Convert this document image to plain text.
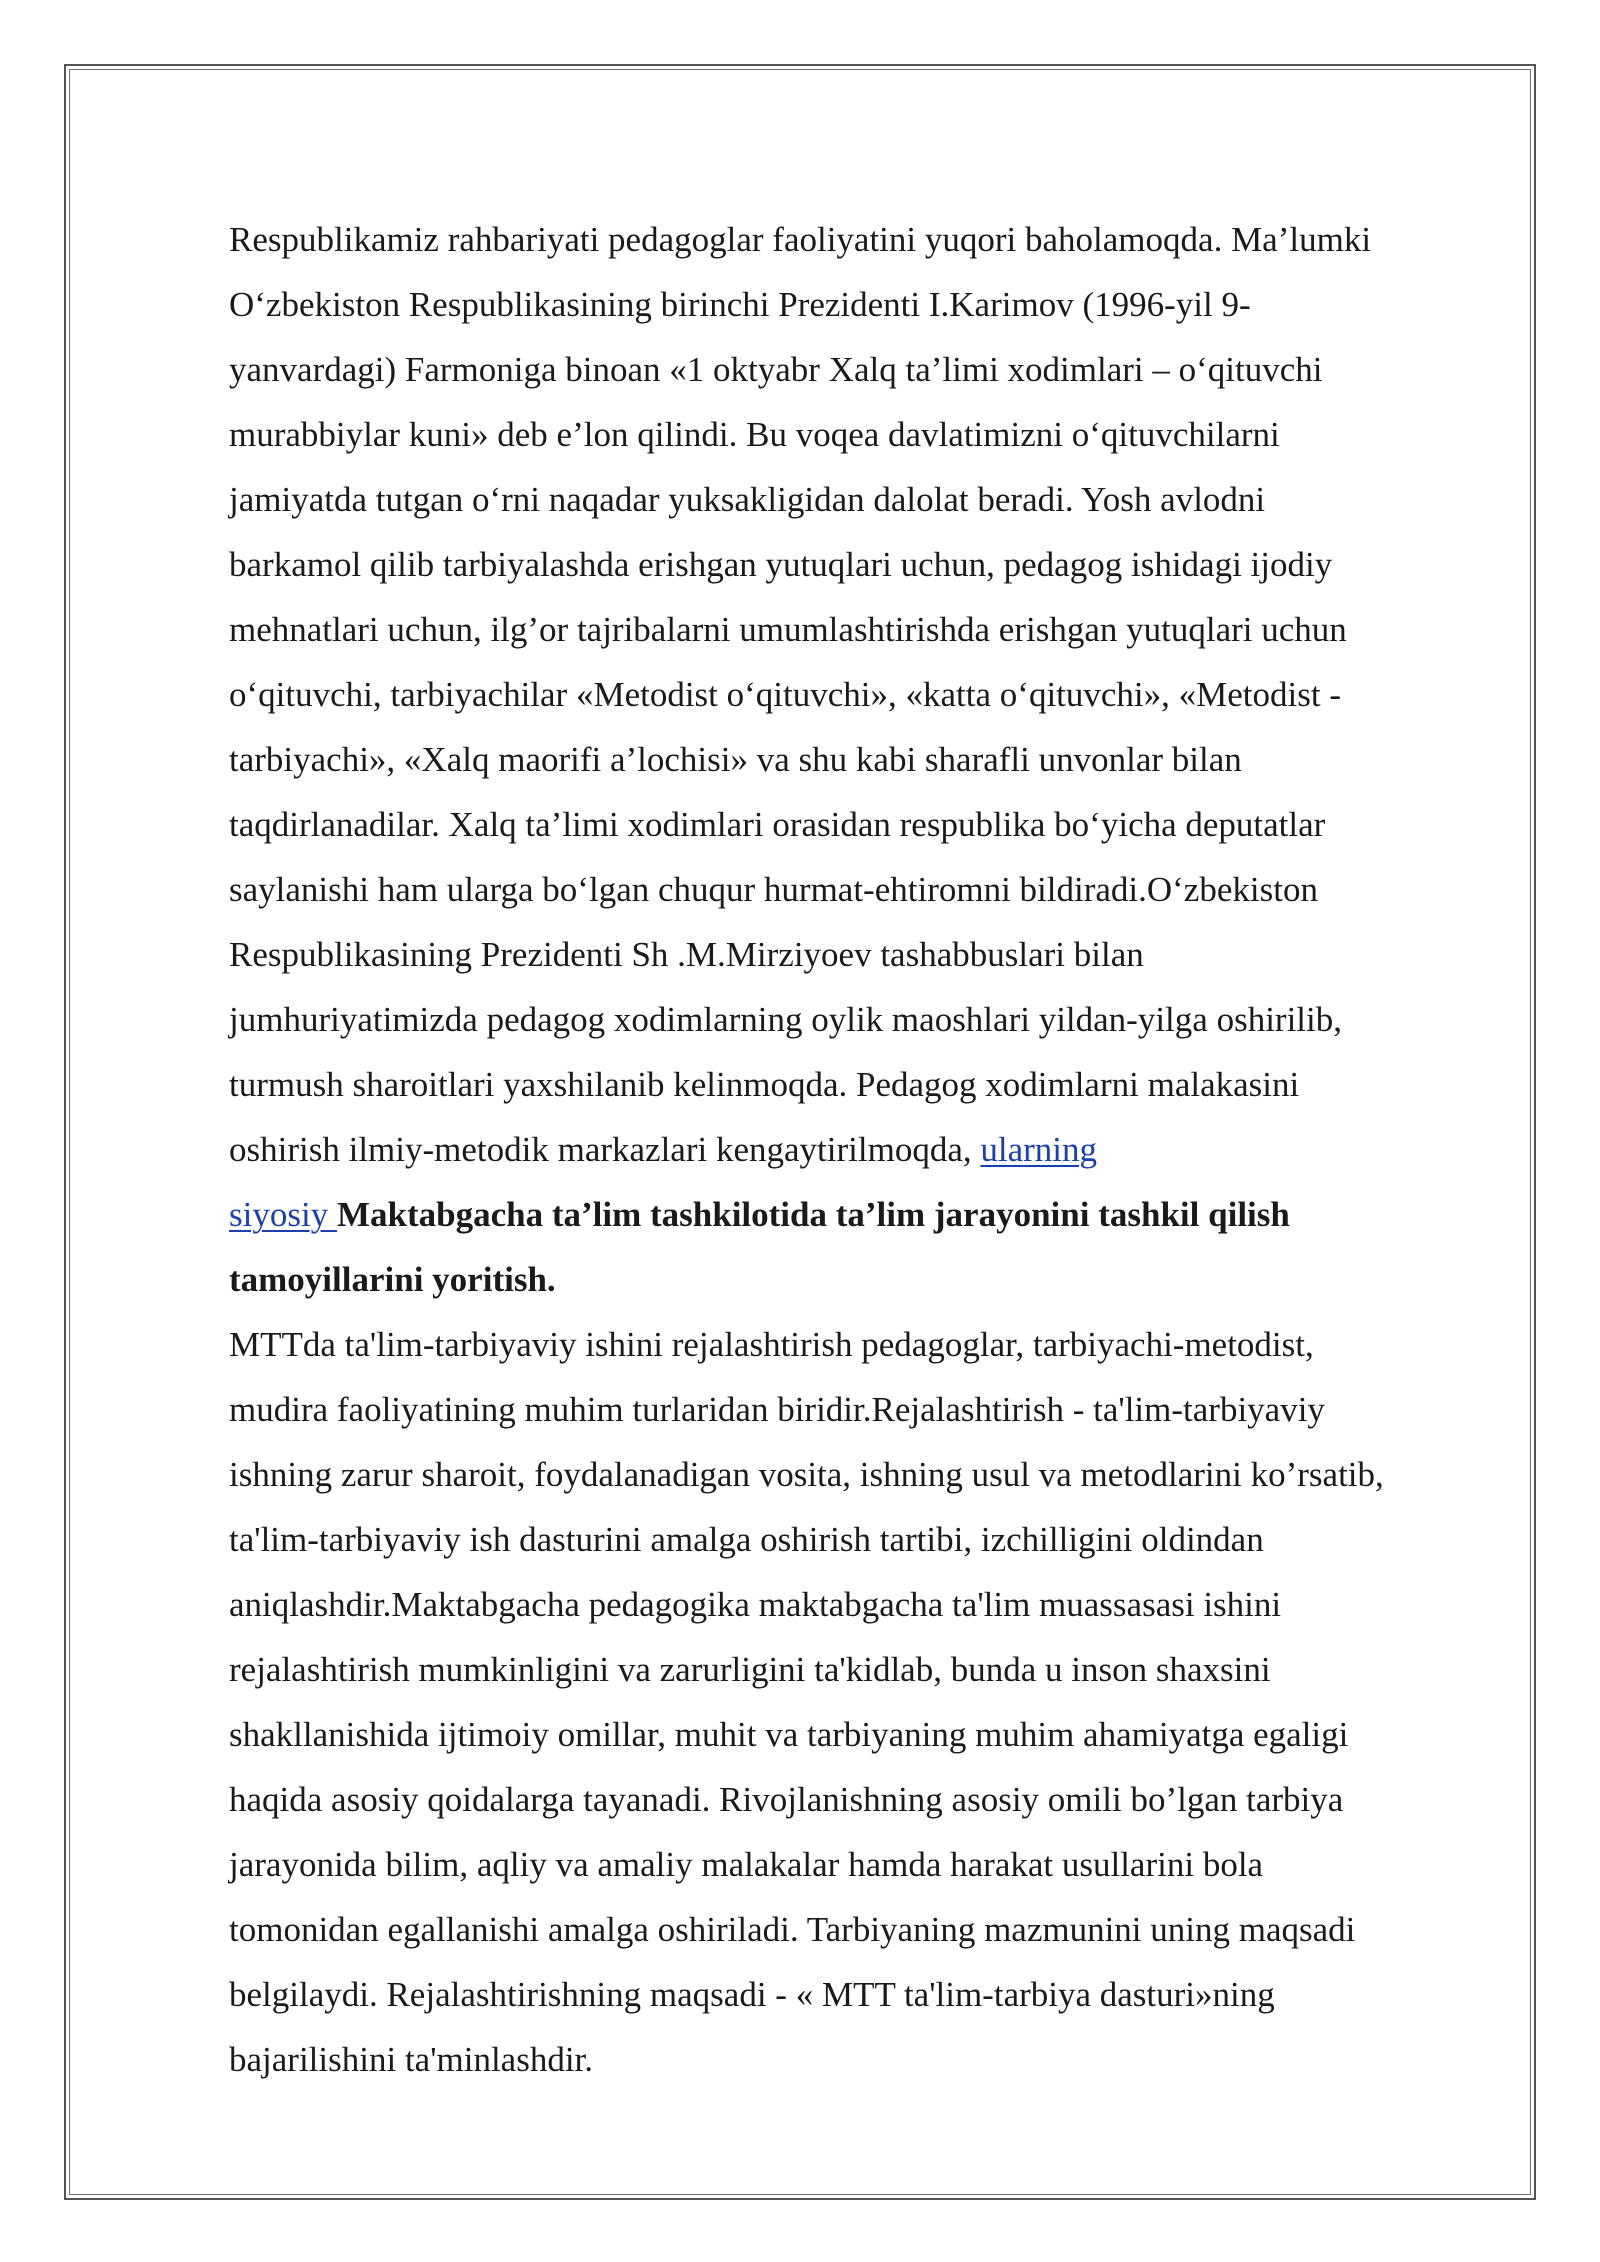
Respublikamiz rahbariyati pedagoglar faoliyatini yuqori baholamoqda. Ma’lumki
O‘zbekiston Respublikasining birinchi Prezidenti I.Karimov (1996-yil 9-
yanvardagi) Farmoniga binoan «1 oktyabr Xalq ta’limi xodimlari – o‘qituvchi
murabbiylar kuni» deb e’lon qilindi. Bu voqea davlatimizni o‘qituvchilarni
jamiyatda tutgan o‘rni naqadar yuksakligidan dalolat beradi. Yosh avlodni
barkamol qilib tarbiyalashda erishgan yutuqlari uchun, pedagog ishidagi ijodiy
mehnatlari uchun, ilg’or tajribalarni umumlashtirishda erishgan yutuqlari uchun
o‘qituvchi, tarbiyachilar «Metodist o‘qituvchi», «katta o‘qituvchi», «Metodist -
tarbiyachi», «Xalq maorifi a’lochisi» va shu kabi sharafli unvonlar bilan
taqdirlanadilar. Xalq ta’limi xodimlari orasidan respublika bo‘yicha deputatlar
saylanishi ham ularga bo‘lgan chuqur hurmat-ehtiromni bildiradi.O‘zbekiston
Respublikasining Prezidenti Sh .M.Mirziyoev tashabbuslari bilan
jumhuriyatimizda pedagog xodimlarning oylik maoshlari yildan-yilga oshirilib,
turmush sharoitlari yaxshilanib kelinmoqda. Pedagog xodimlarni malakasini
oshirish ilmiy-metodik markazlari kengaytirilmoqda, ularning
siyosiy Maktabgacha ta’lim tashkilotida ta’lim jarayonini tashkil qilish
tamoyillarini yoritish.
MTTda ta'lim-tarbiyaviy ishini rejalashtirish pedagoglar, tarbiyachi-metodist,
mudira faoliyatining muhim turlaridan biridir.Rejalashtirish - ta'lim-tarbiyaviy
ishning zarur sharoit, foydalanadigan vosita, ishning usul va metodlarini ko’rsatib,
ta'lim-tarbiyaviy ish dasturini amalga oshirish tartibi, izchilligini oldindan
aniqlashdir.Maktabgacha pedagogika maktabgacha ta'lim muassasasi ishini
rejalashtirish mumkinligini va zarurligini ta'kidlab, bunda u inson shaxsini
shakllanishida ijtimoiy omillar, muhit va tarbiyaning muhim ahamiyatga egaligi
haqida asosiy qoidalarga tayanadi. Rivojlanishning asosiy omili bo’lgan tarbiya
jarayonida bilim, aqliy va amaliy malakalar hamda harakat usullarini bola
tomonidan egallanishi amalga oshiriladi. Tarbiyaning mazmunini uning maqsadi
belgilaydi. Rejalashtirishning maqsadi - « MTT ta'lim-tarbiya dasturi»ning
bajarilishini ta'minlashdir.
